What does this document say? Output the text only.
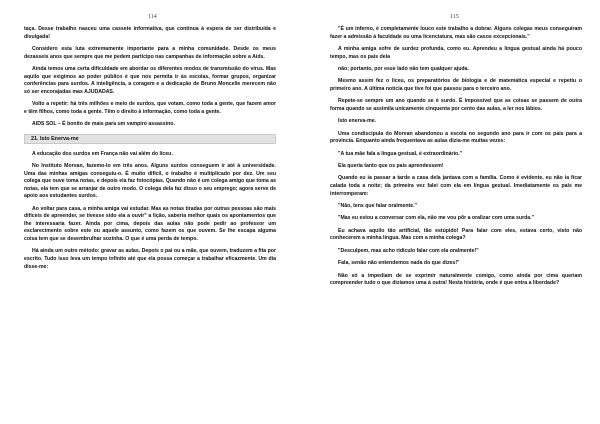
114

taça. Desse trabalho nasceu uma cassete informativa, que continua à espera de ser distribuída e divulgada!

Considero esta luta extremamente importante para a minha comunidade. Desde os meus dezasseis anos que sempre que me pedem participo nas campanhas de informação sobre a Aids.

Ainda temos uma certa dificuldade em abordar os diferentes modos de transmissão do vírus. Mas aquilo que exigimos ao poder público é que nos permita ir às escolas, formar grupos, organizar conferências para surdos. A inteligência, a coragem e a dedicação de Bruno Moncelle merecem não só ser encorajadas mas AJUDADAS.

Volto a repetir: há três milhões e meio de surdos, que votam, como toda a gente, que fazem amor e têm filhos, como toda a gente. Têm o direito à informação, como toda a gente.

AIDS SOL – É bonito de mais para um vampiro assassino.

21. Isto Enerva-me

A educação dos surdos em França não vai além do liceu.

No Instituto Morvan, fazemo-lo em três anos. Alguns surdos conseguem ir até à universidade. Uma das minhas amigas conseguiu-o. É muito difícil, o trabalho é multiplicado por dez. Um seu colega que ouve toma notas, e depois ela faz fotocópias. Quando não é um colega amigo que toma as notas, ela tem que se arranjar de outro modo. O colega dela faz disso o seu emprego; agora serve de apoio aos estudantes surdos.

Ao voltar para casa, a minha amiga vai estudar. Mas as notas tiradas por outras pessoas são mais difíceis de apreender, se tivesse sido ela a ouvir" a lição, saberia melhor quais os apontamentos que lhe interessaria fazer. Ainda por cima, depois das aulas não pode pedir ao professor um esclarecimento sobre este ou aquele assunto, como fazem os que ouvem. Se lhe escapa alguma coisa tem que se desembrulhar sozinha. O que é uma perda de tempo.

Há ainda um outro método: gravar as aulas. Depois o pai ou a mãe, que ouvem, traduzem a fita por escrito. Tudo isso leva um tempo infinito até que ela possa começar a trabalhar eficazmente. Um dia disse-me:

115

"É um inferno, é completamente louco este trabalho a dobrar. Alguns colegas meus conseguiram fazer a admissão à faculdade ou uma licenciatura, mas são casos excepcionais."

A minha amiga sofre de surdez profunda, como eu. Aprendeu a língua gestual ainda há pouco tempo, mas os pais dela

não; portanto, por esse lado não tem qualquer ajuda.

Mesmo assim fez o liceu, os preparatórios de biologia e de matemática especial e repetiu o primeiro ano. A última notícia que tive foi que passou para o terceiro ano.

Repete-se sempre um ano quando se é surdo. É impossível que as coisas se passem de outra forma quando se assimila unicamente cinquenta por cento das aulas, a ler nos lábios.

Isto enerva-me.

Uma condiscípula do Morvan abandonou a escola no segundo ano para ir com os pais para a província. Enquanto ainda frequentava as aulas dizia-me muitas vezes:

"A tua mãe fala a língua gestual, é extraordinário."

Ela queria tanto que os pais aprendessem!

Quando eu ia passar a tarde a casa dela jantava com a família. Como é evidente, eu não ia ficar calada toda a noite; da primeira vez falei com ela em língua gestual. Imediatamente os pais me interromperam:

"Não, tens que falar oralmente."

"Mas eu estou a conversar com ela, não me vou pôr a oralizar com uma surda."

Eu achava aquilo tão artificial, tão estúpido! Para falar com eles, estava certo, visto não conhecerem a minha língua. Mas com a minha colega?

"Desculpem, mas acho ridículo falar com ela oralmente!"

Fala, senão não entendemos nada do que dizes!"

Não só a impediam de se exprimir naturalmente comigo, como ainda por cima queriam compreender tudo o que dizíamos uma à outra! Nesta história, onde é que entra a liberdade?
